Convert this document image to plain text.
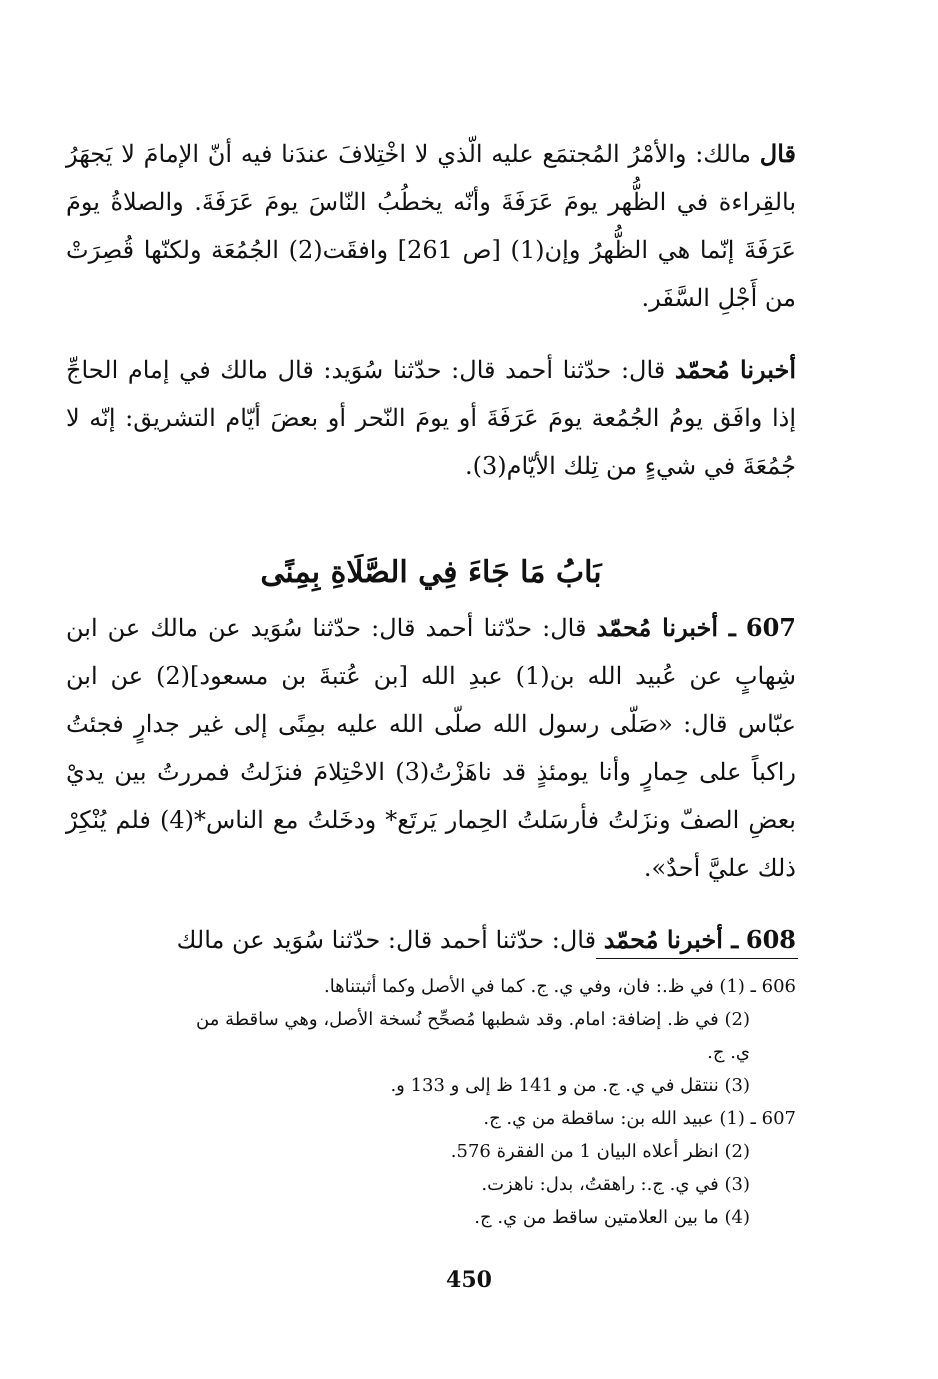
قال مالك: والأمْرُ المُجتمَع عليه الّذي لا اخْتِلافَ عندَنا فيه أنّ الإمامَ لا يَجهَرُ بالقِراءة في الظُّهر يومَ عَرَفَةَ وأنّه يخطُبُ النّاسَ يومَ عَرَفَةَ. والصلاةُ يومَ عَرَفَةَ إنّما هي الظُّهرُ وإن(1) [ص 261] وافقَت(2) الجُمُعَة ولكنّها قُصِرَتْ من أَجْلِ السَّفَر.

أخبرنا مُحمّد قال: حدّثنا أحمد قال: حدّثنا سُوَيد: قال مالك في إمام الحاجِّ إذا وافَق يومُ الجُمُعة يومَ عَرَفَةَ أو يومَ النّحر أو بعضَ أيّام التشريق: إنّه لا جُمُعَةَ في شيءٍ من تِلك الأيّام(3).

بَابُ مَا جَاءَ فِي الصَّلَاةِ بِمِنًى

607 ـ أخبرنا مُحمّد قال: حدّثنا أحمد قال: حدّثنا سُوَيد عن مالك عن ابن شِهابٍ عن عُبيد الله بن(1) عبدِ الله [بن عُتبةَ بن مسعود](2) عن ابن عبّاس قال: «صَلّى رسول الله صلّى الله عليه بمِنًى إلى غير جدارٍ فجئتُ راكباً على حِمارٍ وأنا يومئذٍ قد ناهَزْتُ(3) الاحْتِلامَ فنزَلتُ فمررتُ بين يديْ بعضِ الصفّ ونزَلتُ فأرسَلتُ الحِمار يَرتَع* ودخَلتُ مع الناس*(4) فلم يُنْكِرْ ذلك عليَّ أحدٌ».

608 ـ أخبرنا مُحمّد قال: حدّثنا أحمد قال: حدّثنا سُوَيد عن مالك

606 ـ (1) في ظ.: فان، وفي ي. ج. كما في الأصل وكما أثبتناها.

(2) في ظ. إضافة: امام. وقد شطبها مُصحِّح نُسخة الأصل، وهي ساقطة من

ي. ج.

(3) ننتقل في ي. ج. من و 141 ظ إلى و 133 و.

607 ـ (1) عبيد الله بن: ساقطة من ي. ج.

(2) انظر أعلاه البيان 1 من الفقرة 576.

(3) في ي. ج.: راهقتُ، بدل: ناهزت.

(4) ما بين العلامتين ساقط من ي. ج.

450
